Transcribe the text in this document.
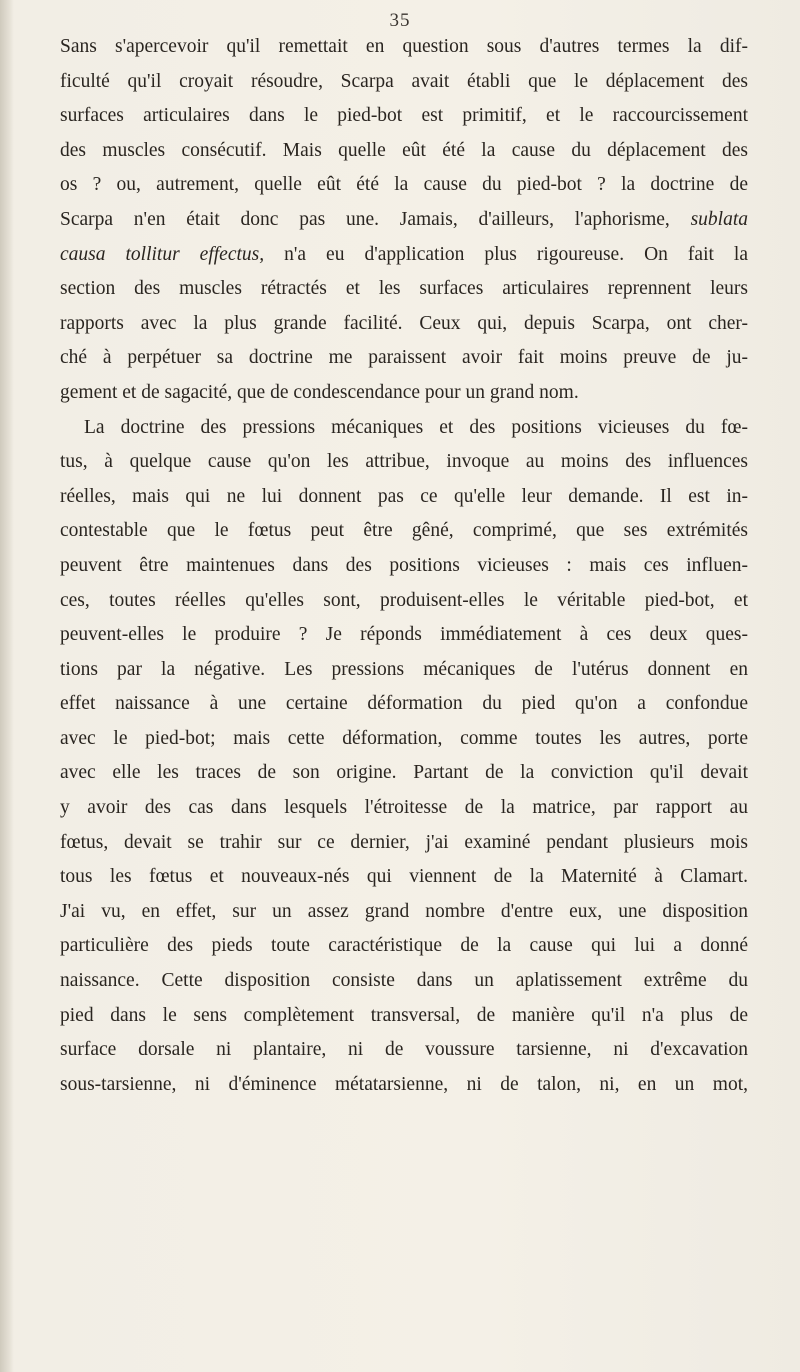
35
Sans s'apercevoir qu'il remettait en question sous d'autres termes la dif-
ficulté qu'il croyait résoudre, Scarpa avait établi que le déplacement des
surfaces articulaires dans le pied-bot est primitif, et le raccourcissement
des muscles consécutif. Mais quelle eût été la cause du déplacement des
os ? ou, autrement, quelle eût été la cause du pied-bot ? la doctrine de
Scarpa n'en était donc pas une. Jamais, d'ailleurs, l'aphorisme, sublata
causa tollitur effectus, n'a eu d'application plus rigoureuse. On fait la
section des muscles rétractés et les surfaces articulaires reprennent leurs
rapports avec la plus grande facilité. Ceux qui, depuis Scarpa, ont cher-
ché à perpétuer sa doctrine me paraissent avoir fait moins preuve de ju-
gement et de sagacité, que de condescendance pour un grand nom.
La doctrine des pressions mécaniques et des positions vicieuses du fœ-
tus, à quelque cause qu'on les attribue, invoque au moins des influences
réelles, mais qui ne lui donnent pas ce qu'elle leur demande. Il est in-
contestable que le fœtus peut être gêné, comprimé, que ses extrémités
peuvent être maintenues dans des positions vicieuses : mais ces influen-
ces, toutes réelles qu'elles sont, produisent-elles le véritable pied-bot, et
peuvent-elles le produire ? Je réponds immédiatement à ces deux ques-
tions par la négative. Les pressions mécaniques de l'utérus donnent en
effet naissance à une certaine déformation du pied qu'on a confondue
avec le pied-bot; mais cette déformation, comme toutes les autres, porte
avec elle les traces de son origine. Partant de la conviction qu'il devait
y avoir des cas dans lesquels l'étroitesse de la matrice, par rapport au
fœtus, devait se trahir sur ce dernier, j'ai examiné pendant plusieurs mois
tous les fœtus et nouveaux-nés qui viennent de la Maternité à Clamart.
J'ai vu, en effet, sur un assez grand nombre d'entre eux, une disposition
particulière des pieds toute caractéristique de la cause qui lui a donné
naissance. Cette disposition consiste dans un aplatissement extrême du
pied dans le sens complètement transversal, de manière qu'il n'a plus de
surface dorsale ni plantaire, ni de voussure tarsienne, ni d'excavation
sous-tarsienne, ni d'éminence métatarsienne, ni de talon, ni, en un mot,
